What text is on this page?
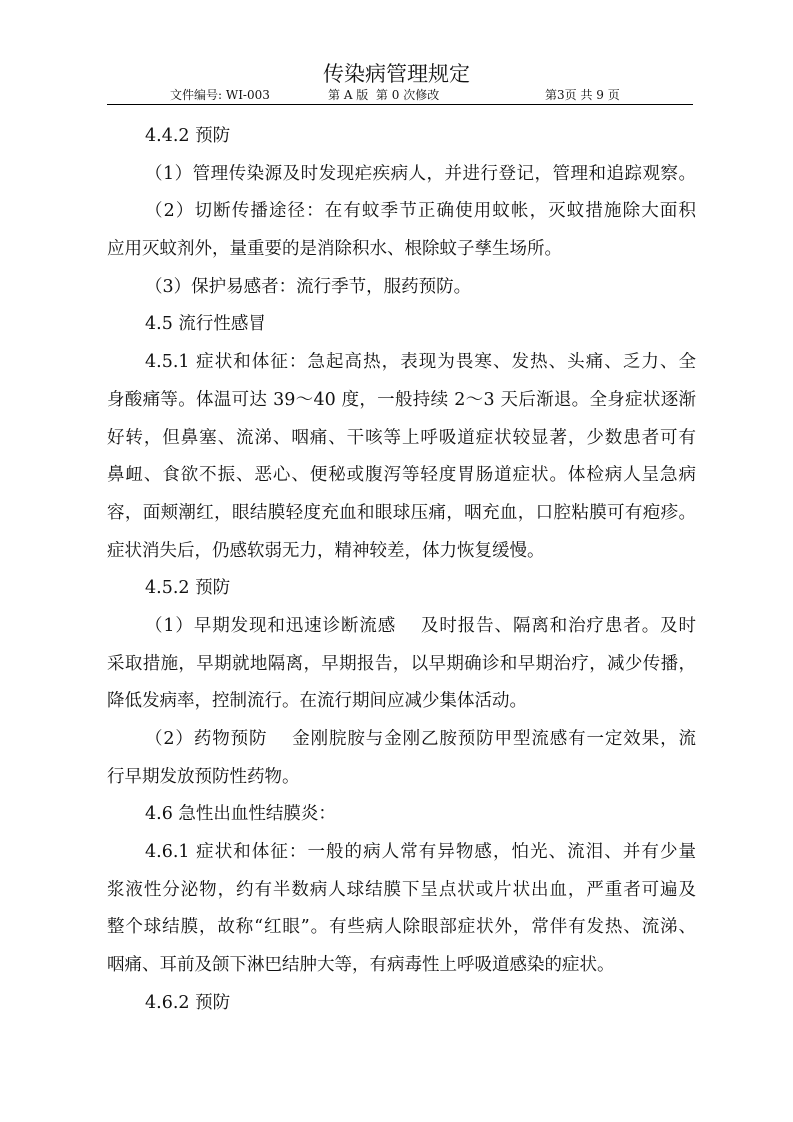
传染病管理规定
文件编号: WI-003	第 A 版  第 0 次修改	第3页 共 9 页
4.4.2 预防
（1）管理传染源及时发现疟疾病人，并进行登记，管理和追踪观察。
（2）切断传播途径：在有蚊季节正确使用蚊帐，灭蚊措施除大面积
应用灭蚊剂外，量重要的是消除积水、根除蚊子孳生场所。
（3）保护易感者：流行季节，服药预防。
4.5 流行性感冒
4.5.1 症状和体征：急起高热，表现为畏寒、发热、头痛、乏力、全
身酸痛等。体温可达 39～40 度，一般持续 2～3 天后渐退。全身症状逐渐
好转，但鼻塞、流涕、咽痛、干咳等上呼吸道症状较显著，少数患者可有
鼻衄、食欲不振、恶心、便秘或腹泻等轻度胃肠道症状。体检病人呈急病
容，面颊潮红，眼结膜轻度充血和眼球压痛，咽充血，口腔粘膜可有疱疹。
症状消失后，仍感软弱无力，精神较差，体力恢复缓慢。
4.5.2 预防
（1）早期发现和迅速诊断流感　 及时报告、隔离和治疗患者。及时
采取措施，早期就地隔离，早期报告，以早期确诊和早期治疗，减少传播，
降低发病率，控制流行。在流行期间应减少集体活动。
（2）药物预防　 金刚脘胺与金刚乙胺预防甲型流感有一定效果，流
行早期发放预防性药物。
4.6 急性出血性结膜炎：
4.6.1 症状和体征：一般的病人常有异物感，怕光、流泪、并有少量
浆液性分泌物，约有半数病人球结膜下呈点状或片状出血，严重者可遍及
整个球结膜，故称“红眼”。有些病人除眼部症状外，常伴有发热、流涕、
咽痛、耳前及颌下淋巴结肿大等，有病毒性上呼吸道感染的症状。
4.6.2 预防
